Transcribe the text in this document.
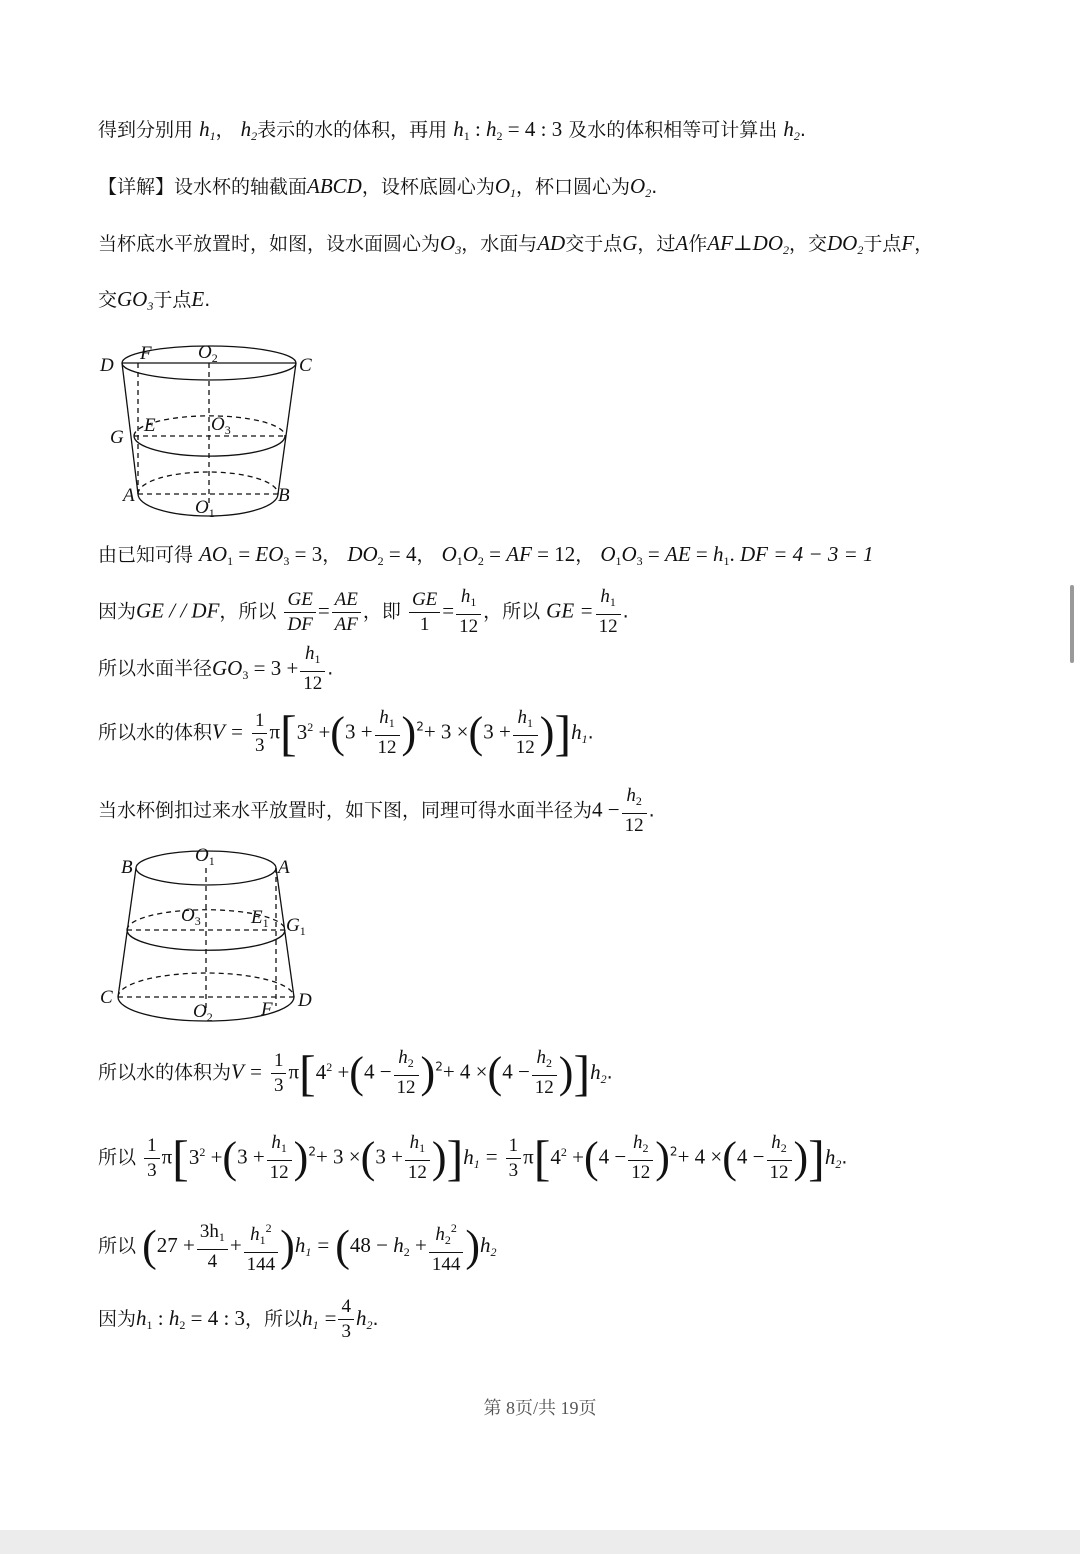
得到分别用 $h_1$， $h_2$表示的水的体积，再用 $h_1$ : $h_2 = 4$ : 3 及水的体积相等可计算出 $h_2$.
【详解】设水杯的轴截面ABCD，设杯底圆心为$O_1$，杯口圆心为$O_2$.
当杯底水平放置时，如图，设水面圆心为$O_3$，水面与AD交于点G，过A作$AF\perp DO_2$，交$DO_2$于点F，
交$GO_3$于点E.
D
F $O_2$	C
G
E	$O_3$
A	B
$O_1$
由已知可得 $AO_1 = EO_3 = 3$， $DO_2 = 4$， $O_1O_2$ = AF = 12， $O_1O_3$ = AE = $h_1$. DF = 4 − 3 = 1
因为GE / / DF，所以 $\frac{GE}{DF} = \frac{AE}{AF}$ ，即 $\frac{GE}{1} = \frac{h_1}{12}$ ，所以 GE = $\frac{h_1}{12}$ .
所以水面半径$GO_3 = 3 + \frac{h_1}{12}$ .
所以水的体积$V = \frac{1}{3} \pi[3^2 +(3 + \frac{h_1}{12} )^2+ 3 \times(3 + \frac{h_1}{12} )]h_1$.
当水杯倒扣过来水平放置时，如下图，同理可得水面半径为$4 - \frac{h_2}{12}$ .
B
$O_1$	A
$O_3$	$E_1$ $G_1$
C
$O_2$	F D
所以水的体积为$V = \frac{1}{3} \pi[4^2 +(4 - \frac{h_2}{12} )^2+ 4 \times(4 - \frac{h_2}{12} )]h_2$.
所以 $\frac{1}{3} \pi[3^2 +(3 + \frac{h_1}{12} )^2+ 3 \times(3 + \frac{h_1}{12} )]h_1 = \frac{1}{3} \pi[4^2 +(4 - \frac{h_2}{12} )^2+ 4 \times(4 - \frac{h_2}{12} )]h_2$.
所以 $(27 + \frac{3h_1}{4} + \frac{h_1^2}{144} )h_1 = (48 - h_2 + \frac{h_2^2}{144} )h_2$
因为$h_1$ : $h_2 = 4$ : 3，所以$h_1 = \frac{4}{3} h_2$.
第 8页/共 19页
